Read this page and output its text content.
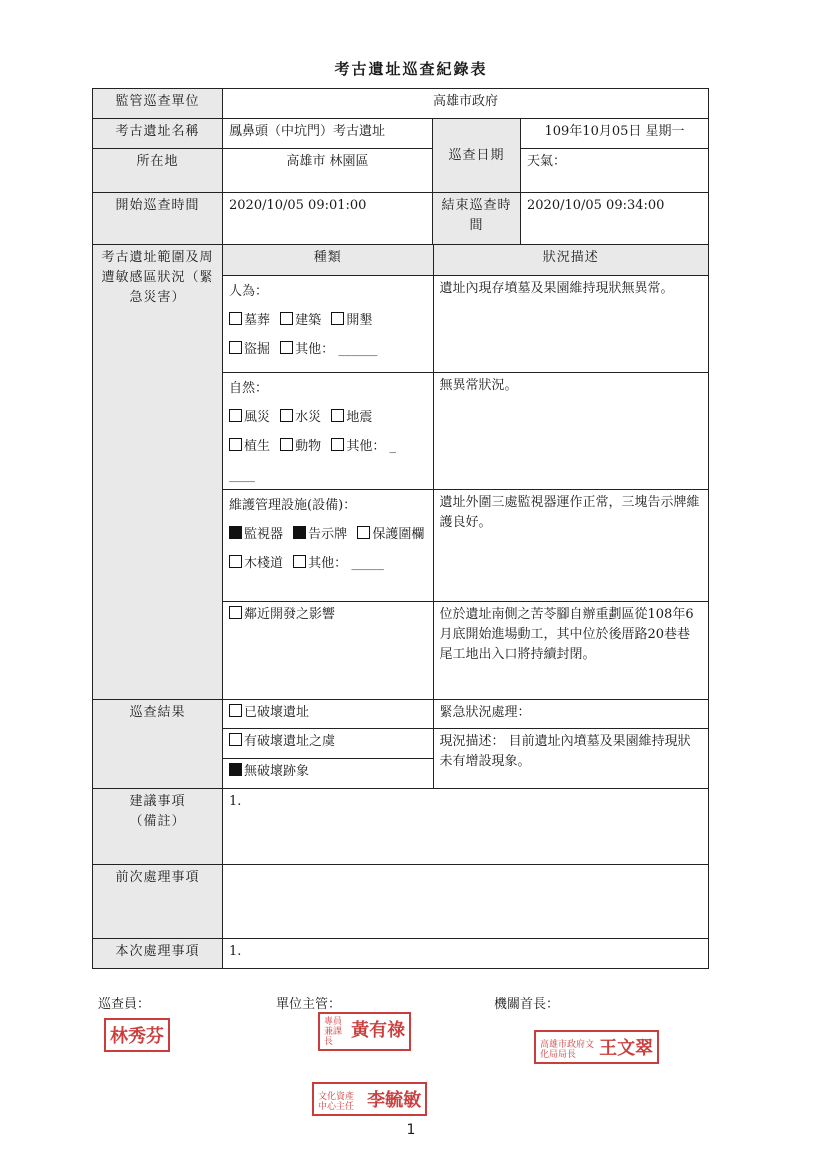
考古遺址巡查紀錄表
監管巡查單位	高雄市政府
考古遺址名稱	鳳鼻頭（中坑門）考古遺址	巡查日期	109年10月05日 星期一
所在地	高雄市 林園區	天氣：
開始巡查時間	2020/10/05 09:01:00	結束巡查時間	2020/10/05 09:34:00
考古遺址範圍及周遭敏感區狀況（緊急災害）	
種類	狀況描述

人為：
墓葬 建築 開墾
盜掘 其他： ______
	遺址內現存墳墓及果園維持現狀無異常。

自然：
風災 水災 地震
植生 動物 其他： _
____
	無異常狀況。

維護管理設施(設備)：
監視器 告示牌 保護圍欄
木棧道 其他： _____
	遺址外圍三處監視器運作正常，三塊告示牌維護良好。
鄰近開發之影響	位於遺址南側之苦苓腳自辦重劃區從108年6月底開始進場動工，其中位於後厝路20巷巷尾工地出入口將持續封閉。

巡查結果		已破壞遺址	緊急狀況處理：
有破壞遺址之虞	現況描述： 目前遺址內墳墓及果園維持現狀未有增設現象。
無破壞跡象

建議事項
（備註）
	1.
前次處理事項	
本次處理事項	1.
巡查員：	單位主管：	機關首長：
林秀芬
專員兼課長 黃有祿
高雄市政府文化局局長 王文翠
文化資產中心主任 李毓敏
1
